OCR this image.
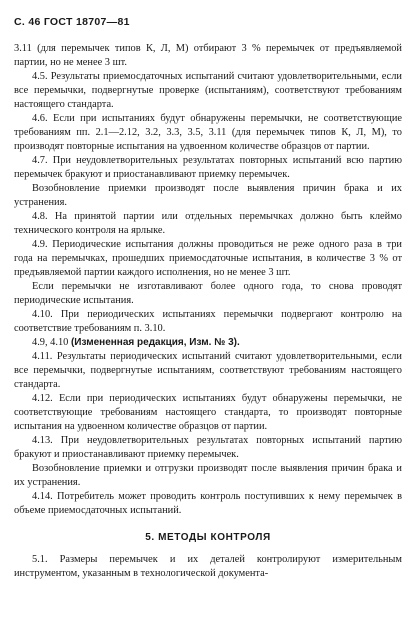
С. 46 ГОСТ 18707—81

3.11 (для перемычек типов К, Л, М) отбирают 3 % перемычек от предъявляемой партии, но не менее 3 шт.

4.5. Результаты приемосдаточных испытаний считают удовлетворительными, если все перемычки, подвергнутые проверке (испытаниям), соответствуют требованиям настоящего стандарта.

4.6. Если при испытаниях будут обнаружены перемычки, не соответствующие требованиям пп. 2.1—2.12, 3.2, 3.3, 3.5, 3.11 (для перемычек типов К, Л, М), то производят повторные испытания на удвоенном количестве образцов от партии.

4.7. При неудовлетворительных результатах повторных испытаний всю партию перемычек бракуют и приостанавливают приемку перемычек.

Возобновление приемки производят после выявления причин брака и их устранения.

4.8. На принятой партии или отдельных перемычках должно быть клеймо технического контроля на ярлыке.

4.9. Периодические испытания должны проводиться не реже одного раза в три года на перемычках, прошедших приемосдаточные испытания, в количестве 3 % от предъявляемой партии каждого исполнения, но не менее 3 шт.

Если перемычки не изготавливают более одного года, то снова проводят периодические испытания.

4.10. При периодических испытаниях перемычки подвергают контролю на соответствие требованиям п. 3.10.

4.9, 4.10 (Измененная редакция, Изм. № 3).

4.11. Результаты периодических испытаний считают удовлетворительными, если все перемычки, подвергнутые испытаниям, соответствуют требованиям настоящего стандарта.

4.12. Если при периодических испытаниях будут обнаружены перемычки, не соответствующие требованиям настоящего стандарта, то производят повторные испытания на удвоенном количестве образцов от партии.

4.13. При неудовлетворительных результатах повторных испытаний партию бракуют и приостанавливают приемку перемычек.

Возобновление приемки и отгрузки производят после выявления причин брака и их устранения.

4.14. Потребитель может проводить контроль поступивших к нему перемычек в объеме приемосдаточных испытаний.

5. МЕТОДЫ КОНТРОЛЯ

5.1. Размеры перемычек и их деталей контролируют измерительным инструментом, указанным в технологической документа-
